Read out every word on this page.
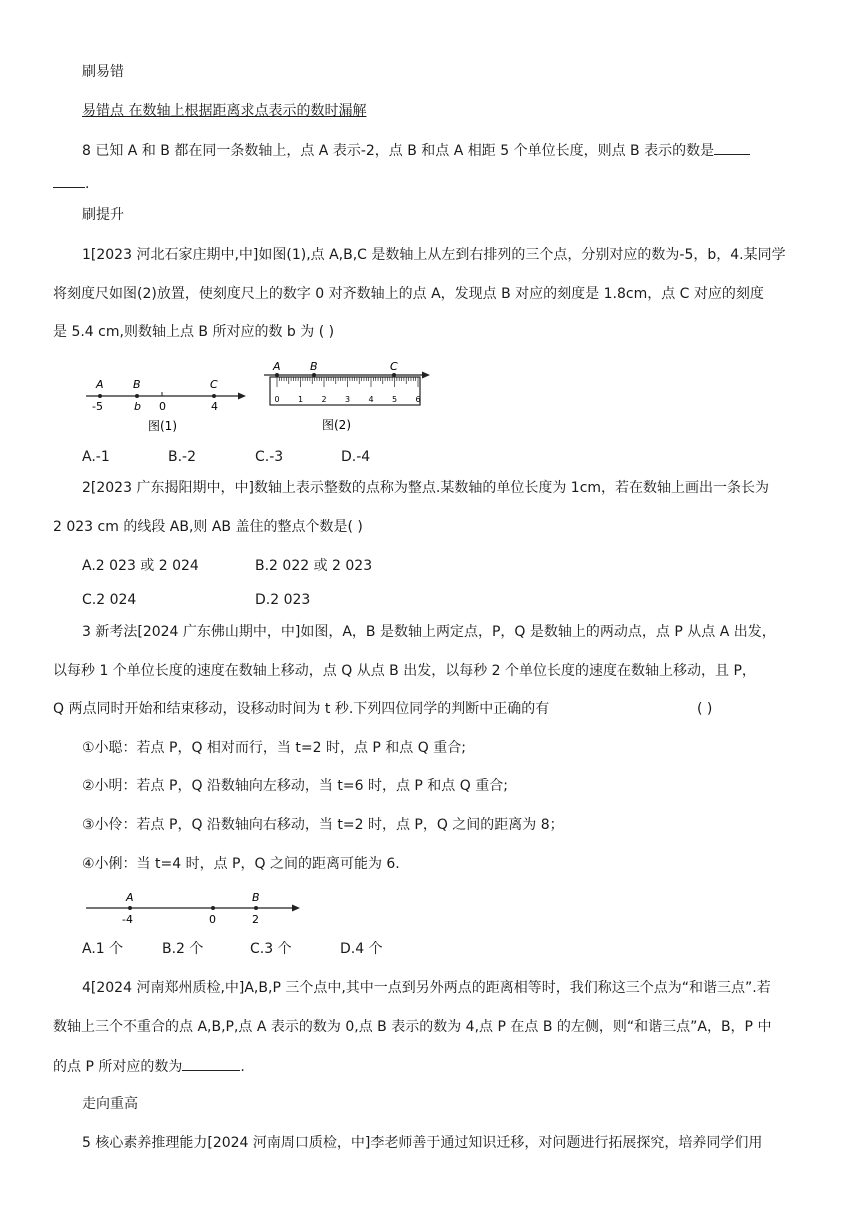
刷易错
易错点 在数轴上根据距离求点表示的数时漏解
8 已知 A 和 B 都在同一条数轴上，点 A 表示-2，点 B 和点 A 相距 5 个单位长度，则点 B 表示的数是
.
刷提升
1[2023 河北石家庄期中,中]如图(1),点 A,B,C 是数轴上从左到右排列的三个点，分别对应的数为-5，b，4.某同学
将刻度尺如图(2)放置，使刻度尺上的数字 0 对齐数轴上的点 A，发现点 B 对应的刻度是 1.8cm，点 C 对应的刻度
是 5.4 cm,则数轴上点 B 所对应的数 b 为 ( )
A	B	C
-5	b 0	4
图(1)
A	B	C
0 1 2 3 4 5 6
图(2)
A.-1	B.-2	C.-3	D.-4
2[2023 广东揭阳期中，中]数轴上表示整数的点称为整点.某数轴的单位长度为 1cm，若在数轴上画出一条长为
2 023 cm 的线段 AB,则 AB 盖住的整点个数是( )
A.2 023 或 2 024	B.2 022 或 2 023
C.2 024	D.2 023
3 新考法[2024 广东佛山期中，中]如图，A，B 是数轴上两定点，P，Q 是数轴上的两动点，点 P 从点 A 出发，
以每秒 1 个单位长度的速度在数轴上移动，点 Q 从点 B 出发，以每秒 2 个单位长度的速度在数轴上移动，且 P，
Q 两点同时开始和结束移动，设移动时间为 t 秒.下列四位同学的判断中正确的有	( )
①小聪：若点 P，Q 相对而行，当 t=2 时，点 P 和点 Q 重合;
②小明：若点 P，Q 沿数轴向左移动，当 t=6 时，点 P 和点 Q 重合;
③小伶：若点 P，Q 沿数轴向右移动，当 t=2 时，点 P，Q 之间的距离为 8；
④小俐：当 t=4 时，点 P，Q 之间的距离可能为 6.
A	B
-4	0	2
A.1 个	B.2 个	C.3 个	D.4 个
4[2024 河南郑州质检,中]A,B,P 三个点中,其中一点到另外两点的距离相等时，我们称这三个点为“和谐三点”.若
数轴上三个不重合的点 A,B,P,点 A 表示的数为 0,点 B 表示的数为 4,点 P 在点 B 的左侧，则“和谐三点”A，B，P 中
的点 P 所对应的数为	.
走向重高
5 核心素养推理能力[2024 河南周口质检，中]李老师善于通过知识迁移，对问题进行拓展探究，培养同学们用
